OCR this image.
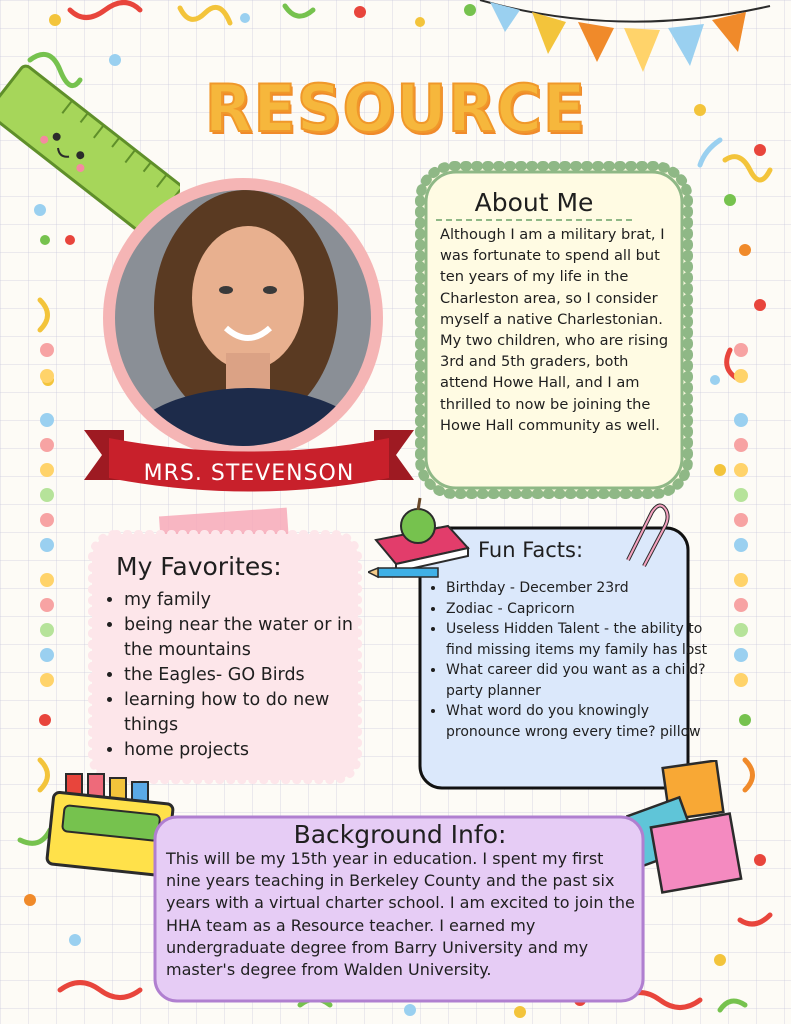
RESOURCE
MRS. STEVENSON
About Me
Although I am a military brat, I was fortunate to spend all but ten years of my life in the Charleston area, so I consider myself a native Charlestonian. My two children, who are rising 3rd and 5th graders, both attend Howe Hall, and I am thrilled to now be joining the Howe Hall community as well.
My Favorites:
• my family
• being near the water or in the mountains
• the Eagles- GO Birds
• learning how to do new things
• home projects
Fun Facts:
• Birthday - December 23rd
• Zodiac - Capricorn
• Useless Hidden Talent - the ability to find missing items my family has lost
• What career did you want as a child? party planner
• What word do you knowingly pronounce wrong every time? pillow
Background Info:
This will be my 15th year in education. I spent my first nine years teaching in Berkeley County and the past six years with a virtual charter school. I am excited to join the HHA team as a Resource teacher. I earned my undergraduate degree from Barry University and my master's degree from Walden University.
